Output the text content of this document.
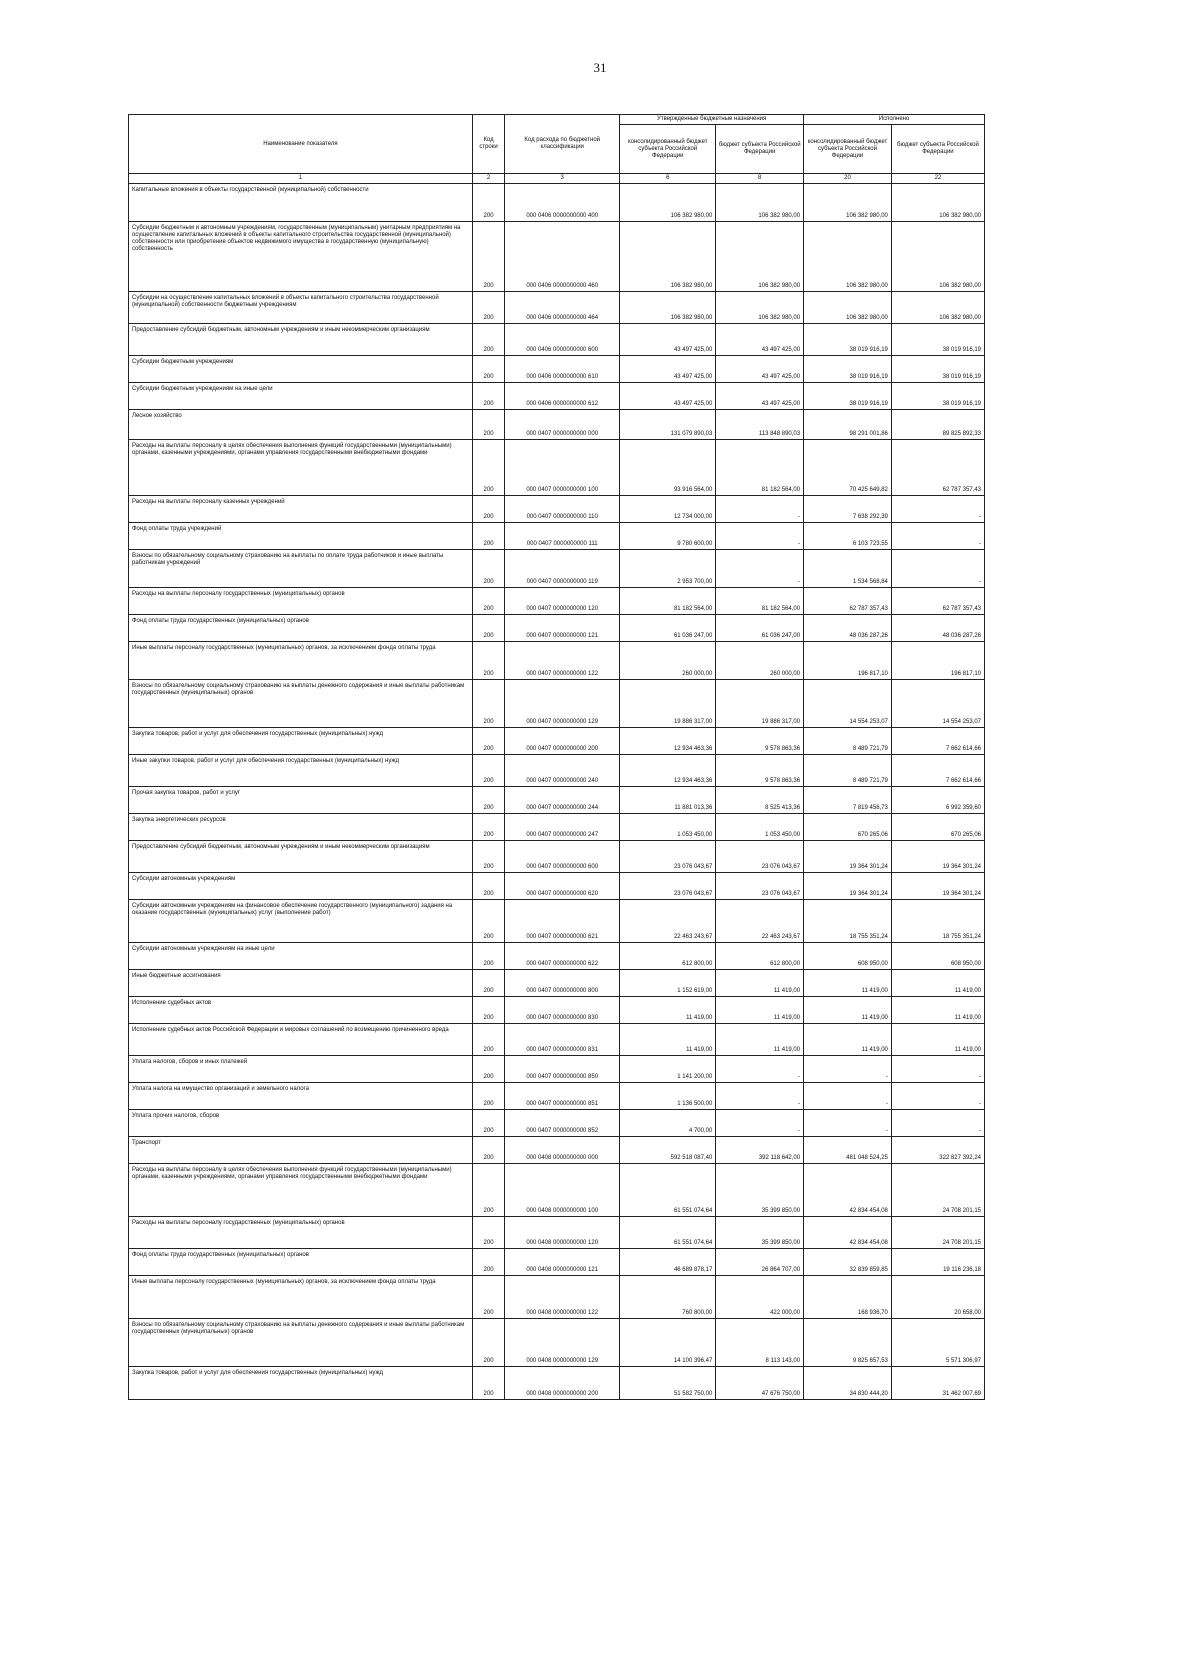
31
Наименование показателя	Код строки	Код расхода по бюджетной классификации	Утвержденные бюджетные назначения		Исполнено	
			консолидированный бюджет субъекта Российской Федерации	бюджет субъекта Российской Федерации	консолидированный бюджет субъекта Российской Федерации	бюджет субъекта Российской Федерации
1	2	3	6	8	20	22
Капитальные вложения в объекты государственной (муниципальной) собственности	200	000 0406 0000000000 400	106 382 980,00	106 382 980,00	106 382 980,00	106 382 980,00
Субсидии бюджетным и автономным учреждениям, государственным (муниципальным) унитарным предприятиям на осуществление капитальных вложений в объекты капитального строительства государственной (муниципальной) собственности или приобретение объектов недвижимого имущества в государственную (муниципальную) собственность	200	000 0406 0000000000 460	106 382 980,00	106 382 980,00	106 382 980,00	106 382 980,00
Субсидии на осуществление капитальных вложений в объекты капитального строительства государственной (муниципальной) собственности бюджетным учреждениям	200	000 0406 0000000000 464	106 382 980,00	106 382 980,00	106 382 980,00	106 382 980,00
Предоставление субсидий бюджетным, автономным учреждениям и иным некоммерческим организациям	200	000 0406 0000000000 600	43 497 425,00	43 497 425,00	38 019 916,19	38 019 916,19
Субсидии бюджетным учреждениям	200	000 0406 0000000000 610	43 497 425,00	43 497 425,00	38 019 916,19	38 019 916,19
Субсидии бюджетным учреждениям на иные цели	200	000 0406 0000000000 612	43 497 425,00	43 497 425,00	38 019 916,19	38 019 916,19
Лесное хозяйство	200	000 0407 0000000000 000	131 079 890,03	113 848 890,03	98 291 001,86	89 825 892,33
Расходы на выплаты персоналу в целях обеспечения выполнения функций государственными (муниципальными) органами, казенными учреждениями, органами управления государственными внебюджетными фондами	200	000 0407 0000000000 100	93 916 564,00	81 182 564,00	70 425 649,82	62 787 357,43
Расходы на выплаты персоналу казенных учреждений	200	000 0407 0000000000 110	12 734 000,00	-	7 638 292,39	-
Фонд оплаты труда учреждений	200	000 0407 0000000000 111	9 780 600,00	-	6 103 723,55	-
Взносы по обязательному социальному страхованию на выплаты по оплате труда работников и иные выплаты работникам учреждений	200	000 0407 0000000000 119	2 953 700,00	-	1 534 568,84	-
Расходы на выплаты персоналу государственных (муниципальных) органов	200	000 0407 0000000000 120	81 182 564,00	81 182 564,00	62 787 357,43	62 787 357,43
Фонд оплаты труда государственных (муниципальных) органов	200	000 0407 0000000000 121	61 036 247,00	61 036 247,00	48 036 287,26	48 036 287,26
Иные выплаты персоналу государственных (муниципальных) органов, за исключением фонда оплаты труда	200	000 0407 0000000000 122	260 000,00	260 000,00	196 817,10	196 817,10
Взносы по обязательному социальному страхованию на выплаты денежного содержания и иные выплаты работникам государственных (муниципальных) органов	200	000 0407 0000000000 129	19 886 317,00	19 886 317,00	14 554 253,07	14 554 253,07
Закупка товаров, работ и услуг для обеспечения государственных (муниципальных) нужд	200	000 0407 0000000000 200	12 934 463,36	9 578 863,36	8 489 721,79	7 662 614,66
Иные закупки товаров, работ и услуг для обеспечения государственных (муниципальных) нужд	200	000 0407 0000000000 240	12 934 463,36	9 578 863,36	8 489 721,79	7 662 614,66
Прочая закупка товаров, работ и услуг	200	000 0407 0000000000 244	11 881 013,36	8 525 413,36	7 819 456,73	6 992 359,60
Закупка энергетических ресурсов	200	000 0407 0000000000 247	1 053 450,00	1 053 450,00	670 265,06	670 265,06
Предоставление субсидий бюджетным, автономным учреждениям и иным некоммерческим организациям	200	000 0407 0000000000 600	23 076 043,67	23 076 043,67	19 364 301,24	19 364 301,24
Субсидии автономным учреждениям	200	000 0407 0000000000 620	23 076 043,67	23 076 043,67	19 364 301,24	19 364 301,24
Субсидии автономным учреждениям на финансовое обеспечение государственного (муниципального) задания на оказание государственных (муниципальных) услуг (выполнение работ)	200	000 0407 0000000000 621	22 463 243,67	22 463 243,67	18 755 351,24	18 755 351,24
Субсидии автономным учреждениям на иные цели	200	000 0407 0000000000 622	612 800,00	612 800,00	608 950,00	608 950,00
Иные бюджетные ассигнования	200	000 0407 0000000000 800	1 152 619,00	11 419,00	11 419,00	11 419,00
Исполнение судебных актов	200	000 0407 0000000000 830	11 419,00	11 419,00	11 419,00	11 419,00
Исполнение судебных актов Российской Федерации и мировых соглашений по возмещению причиненного вреда	200	000 0407 0000000000 831	11 419,00	11 419,00	11 419,00	11 419,00
Уплата налогов, сборов и иных платежей	200	000 0407 0000000000 850	1 141 200,00	-	-	-
Уплата налога на имущество организаций и земельного налога	200	000 0407 0000000000 851	1 136 500,00	-	-	-
Уплата прочих налогов, сборов	200	000 0407 0000000000 852	4 700,00	-	-	-
Транспорт	200	000 0408 0000000000 000	592 518 087,40	392 118 642,00	481 048 524,25	322 827 392,24
Расходы на выплаты персоналу в целях обеспечения выполнения функций государственными (муниципальными) органами, казенными учреждениями, органами управления государственными внебюджетными фондами	200	000 0408 0000000000 100	61 551 074,64	35 399 850,00	42 834 454,08	24 708 201,15
Расходы на выплаты персоналу государственных (муниципальных) органов	200	000 0408 0000000000 120	61 551 074,64	35 399 850,00	42 834 454,08	24 708 201,15
Фонд оплаты труда государственных (муниципальных) органов	200	000 0408 0000000000 121	46 689 878,17	26 864 707,00	32 839 859,85	19 116 236,18
Иные выплаты персоналу государственных (муниципальных) органов, за исключением фонда оплаты труда	200	000 0408 0000000000 122	760 800,00	422 000,00	168 936,70	20 658,00
Взносы по обязательному социальному страхованию на выплаты денежного содержания и иные выплаты работникам государственных (муниципальных) органов	200	000 0408 0000000000 129	14 100 396,47	8 113 143,00	9 825 657,53	5 571 306,97
Закупка товаров, работ и услуг для обеспечения государственных (муниципальных) нужд	200	000 0408 0000000000 200	51 582 750,00	47 676 750,00	34 830 444,20	31 462 007,69
